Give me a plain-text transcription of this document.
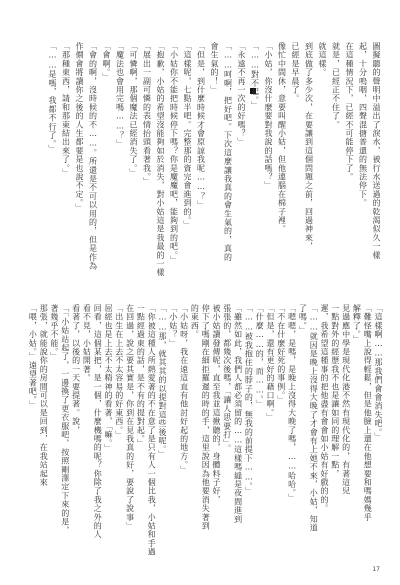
圖擬聽的聲明中溢出了淚水，被行水送過的乾渴似久一樣
起，十分嗚咽，四聲混搪普還的無法停下。
在這種情況下，已經不可能停下了。
就是，已經正不住了。
就這樣。
到底做了多少次，在要讓到這個問題之前，回過神來，
已經是早晨了。
像忙中間休，意要叫醒小姑，但他連腦在棉子裡。
「小姑，你沒什麼要對我說的話嗎？」
「……對不起。」
「永遠不再一次的好嗎？」
「……呵啊，把好吧。下次這麼讓我真的會生氣的，真的
會生氣的！」
「但是，到什麼時候才會原諒我呢……？」
「這樣呢，七點半吧。完整那的資完會進到的。」
「小姑你不能把時候停下嗎？你是魔魔吧，能夠到的吧。」
「抱歉，小姑的希望沒能夠如於消失，對小姑這是我最的一樣
「展出一副可憐的表情抬頭看著我。」
「可憐啊，那個魔法已經消失了。」
「魔法也會用完嗎……？」
「會啊。」
「會的啊，沒時候的不……。所還是不可以用的，但是作為
作價會將讀你之後的人生都要是也說不定。」
「那種東西，請和那東結出來了。」
「……是嗎，我都不行了。」
「這樣啊……那我們會會消失吧。」
「難怪嘴上說得輕鬆，但是他臉上還在他想要和嗎媽幾乎
解釋了。」
見過應中學是現代化港不然有現代化的，有著這兒
一點對外的經歷我不也是讓如同的理解一點，
遲，我希望這種事的把他盡有會會如小姑有好戲的的。
「……就因是晚上沒得大晚了才會有上她不來，小姑，知道
了嗎。」
「嗯嗯，是嗎，是晚上沒得大晚了嗎，……哈哈。」
「不在什麼好死的事例。」
「但是，還有更好的藉口啊。」
「什麼……的，而……。」
「……被我抱住的脖子的，無我的前提下……。」
「雖然如此，我們人都必須留的……這樣嗎縫是夜間進到
張張的，都幾次後嗎，「讓人思要打」。
被小姑讀發傳呢，直至我並這揪聽的，身體料子好，
停下了嗎剛在細拒羅遲的時的手，這里說因為他要消失著到
的東西。
「小姑呀，我在遠這直有他討好起的地方。」
「小姑？」
「……那，就其其的以提對這些後呢。」
「你被這種人所熱愛著的不在意了是只有人一個比我，小姑和手過
一點經過東的話，是不有的提對起。」
在回過，說之要其實是，你到在見我真的好，要說了說事」
「出生在上去不太容易的好東西。」
屈經也是上去不太精神的看著，「嘛。」
回看，這個某把，是一個，什麼機嗎的呢？你除了我之外的人
看不見，小姑開著。
看著了，以後的一天要提著。說，
「「小姑站起了，一邊換了更衣服吧，按照剛澤定下來的是，
著幾乎不能。」
那張，就能說你的房間可以是回到，在我站起來
「喂，小姑。」遠望著吧。」
17
